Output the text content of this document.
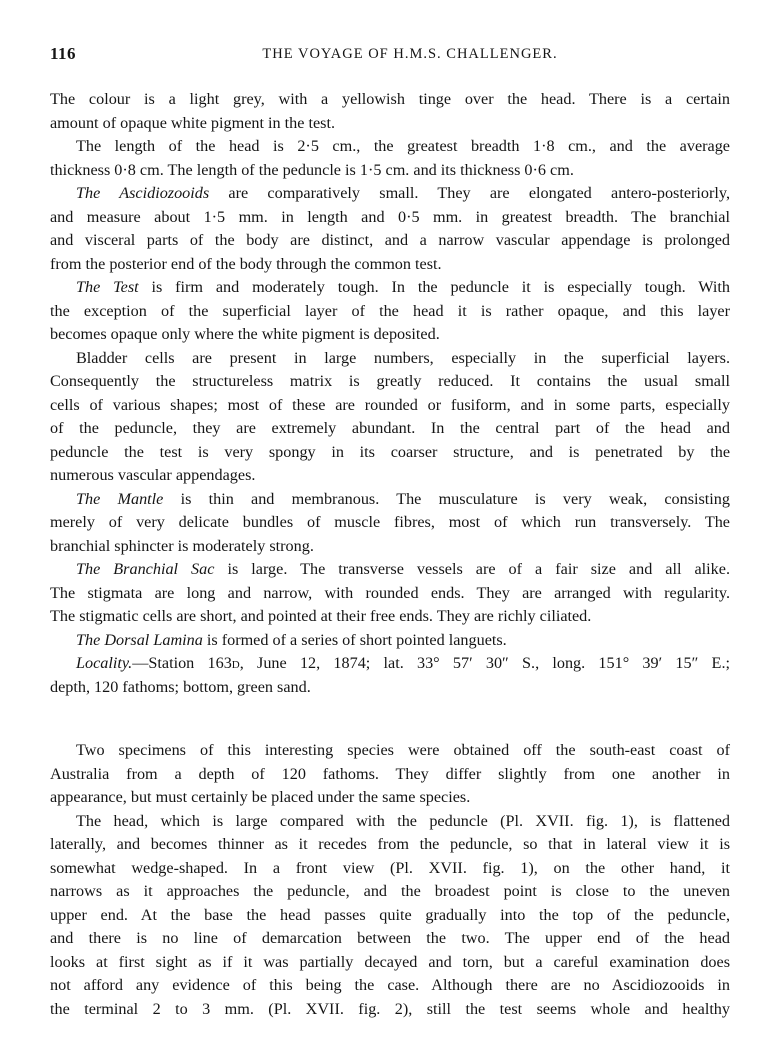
116	THE VOYAGE OF H.M.S. CHALLENGER.
The colour is a light grey, with a yellowish tinge over the head. There is a certain
amount of opaque white pigment in the test.
The length of the head is 2·5 cm., the greatest breadth 1·8 cm., and the average
thickness 0·8 cm. The length of the peduncle is 1·5 cm. and its thickness 0·6 cm.
The Ascidiozooids are comparatively small. They are elongated antero-posteriorly,
and measure about 1·5 mm. in length and 0·5 mm. in greatest breadth. The branchial
and visceral parts of the body are distinct, and a narrow vascular appendage is prolonged
from the posterior end of the body through the common test.
The Test is firm and moderately tough. In the peduncle it is especially tough. With
the exception of the superficial layer of the head it is rather opaque, and this layer
becomes opaque only where the white pigment is deposited.
Bladder cells are present in large numbers, especially in the superficial layers.
Consequently the structureless matrix is greatly reduced. It contains the usual small
cells of various shapes; most of these are rounded or fusiform, and in some parts, especially
of the peduncle, they are extremely abundant. In the central part of the head and
peduncle the test is very spongy in its coarser structure, and is penetrated by the
numerous vascular appendages.
The Mantle is thin and membranous. The musculature is very weak, consisting
merely of very delicate bundles of muscle fibres, most of which run transversely. The
branchial sphincter is moderately strong.
The Branchial Sac is large. The transverse vessels are of a fair size and all alike.
The stigmata are long and narrow, with rounded ends. They are arranged with regularity.
The stigmatic cells are short, and pointed at their free ends. They are richly ciliated.
The Dorsal Lamina is formed of a series of short pointed languets.
Locality.—Station 163D, June 12, 1874; lat. 33° 57′ 30″ S., long. 151° 39′ 15″ E.;
depth, 120 fathoms; bottom, green sand.
Two specimens of this interesting species were obtained off the south-east coast of
Australia from a depth of 120 fathoms. They differ slightly from one another in
appearance, but must certainly be placed under the same species.
The head, which is large compared with the peduncle (Pl. XVII. fig. 1), is flattened
laterally, and becomes thinner as it recedes from the peduncle, so that in lateral view it is
somewhat wedge-shaped. In a front view (Pl. XVII. fig. 1), on the other hand, it
narrows as it approaches the peduncle, and the broadest point is close to the uneven
upper end. At the base the head passes quite gradually into the top of the peduncle,
and there is no line of demarcation between the two. The upper end of the head
looks at first sight as if it was partially decayed and torn, but a careful examination does
not afford any evidence of this being the case. Although there are no Ascidiozooids in
the terminal 2 to 3 mm. (Pl. XVII. fig. 2), still the test seems whole and healthy
